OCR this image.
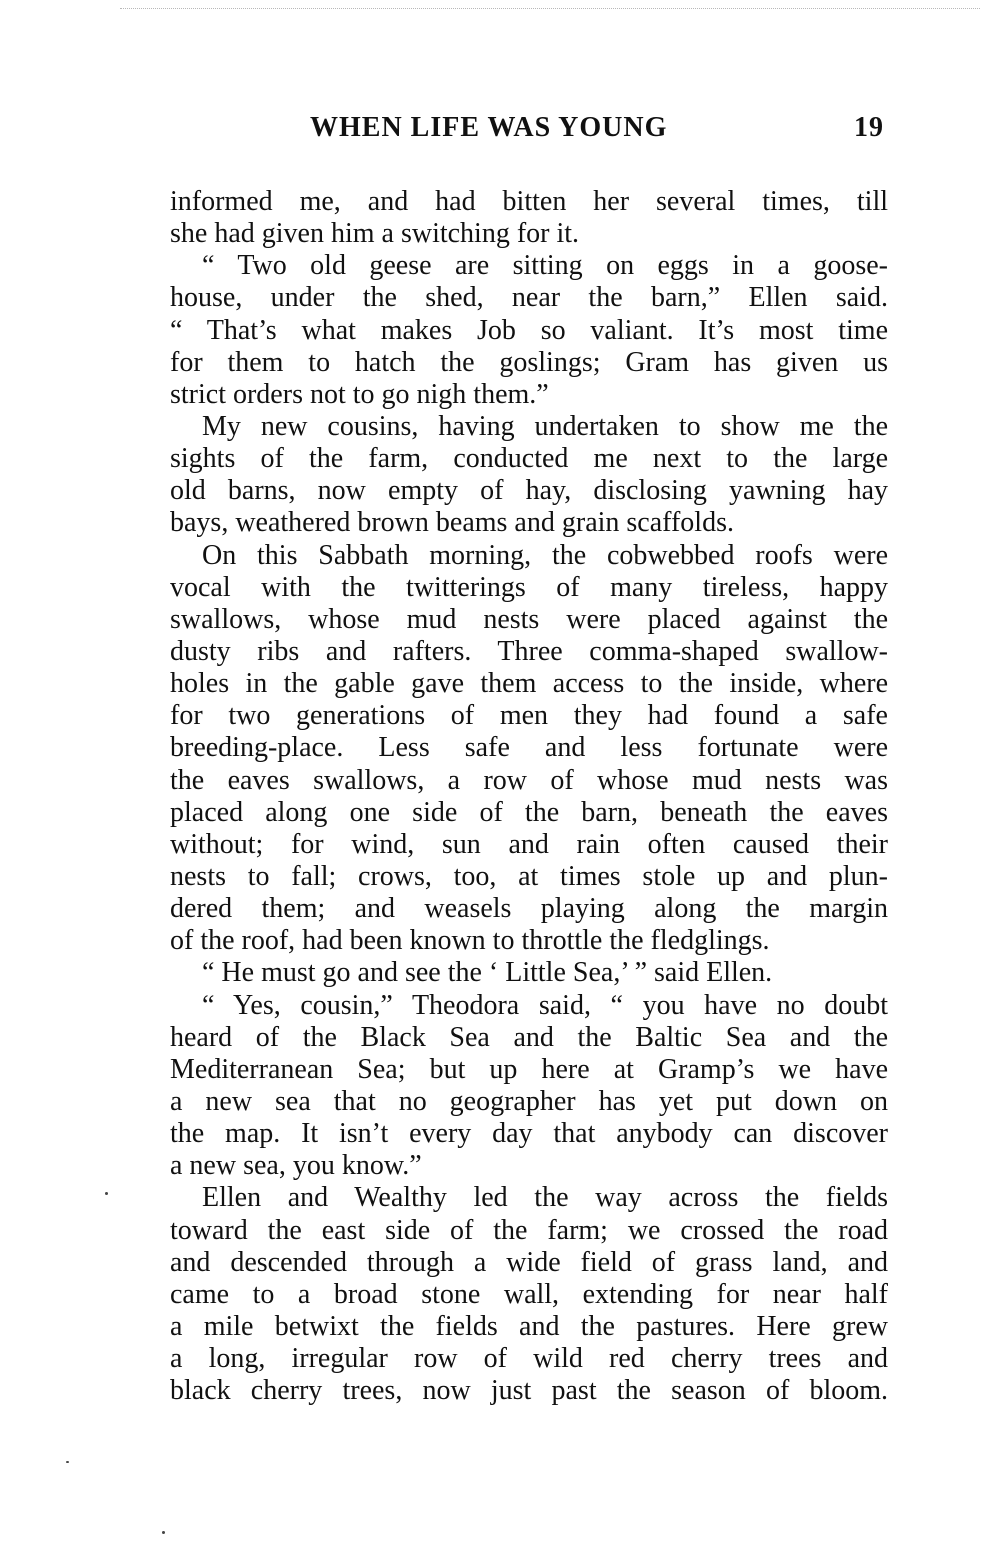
WHEN LIFE WAS YOUNG	19
informed me, and had bitten her several times, till
she had given him a switching for it.
“ Two old geese are sitting on eggs in a goose-
house, under the shed, near the barn,” Ellen said.
“ That’s what makes Job so valiant. It’s most time
for them to hatch the goslings; Gram has given us
strict orders not to go nigh them.”
My new cousins, having undertaken to show me the
sights of the farm, conducted me next to the large
old barns, now empty of hay, disclosing yawning hay
bays, weathered brown beams and grain scaffolds.
On this Sabbath morning, the cobwebbed roofs were
vocal with the twitterings of many tireless, happy
swallows, whose mud nests were placed against the
dusty ribs and rafters. Three comma-shaped swallow-
holes in the gable gave them access to the inside, where
for two generations of men they had found a safe
breeding-place. Less safe and less fortunate were
the eaves swallows, a row of whose mud nests was
placed along one side of the barn, beneath the eaves
without; for wind, sun and rain often caused their
nests to fall; crows, too, at times stole up and plun-
dered them; and weasels playing along the margin
of the roof, had been known to throttle the fledglings.
“ He must go and see the ‘ Little Sea,’ ” said Ellen.
“ Yes, cousin,” Theodora said, “ you have no doubt
heard of the Black Sea and the Baltic Sea and the
Mediterranean Sea; but up here at Gramp’s we have
a new sea that no geographer has yet put down on
the map. It isn’t every day that anybody can discover
a new sea, you know.”
Ellen and Wealthy led the way across the fields
toward the east side of the farm; we crossed the road
and descended through a wide field of grass land, and
came to a broad stone wall, extending for near half
a mile betwixt the fields and the pastures. Here grew
a long, irregular row of wild red cherry trees and
black cherry trees, now just past the season of bloom.
